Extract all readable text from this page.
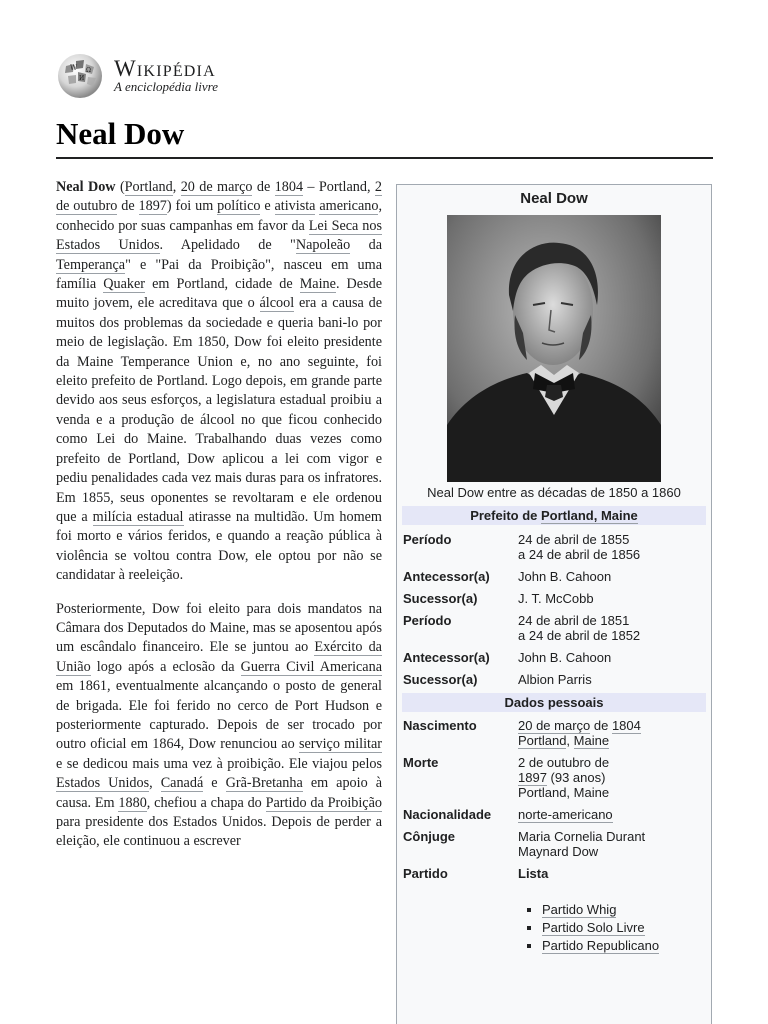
W Ω
И Wikipédia
A enciclopédia livre
Neal Dow

Neal Dow (Portland, 20 de março de 1804 – Portland, 2 de outubro de 1897) foi um político e ativista americano, conhecido por suas campanhas em favor da Lei Seca nos Estados Unidos. Apelidado de "Napoleão da Temperança" e "Pai da Proibição", nasceu em uma família Quaker em Portland, cidade de Maine. Desde muito jovem, ele acreditava que o álcool era a causa de muitos dos problemas da sociedade e queria bani-lo por meio de legislação. Em 1850, Dow foi eleito presidente da Maine Temperance Union e, no ano seguinte, foi eleito prefeito de Portland. Logo depois, em grande parte devido aos seus esforços, a legislatura estadual proibiu a venda e a produção de álcool no que ficou conhecido como Lei do Maine. Trabalhando duas vezes como prefeito de Portland, Dow aplicou a lei com vigor e pediu penalidades cada vez mais duras para os infratores. Em 1855, seus oponentes se revoltaram e ele ordenou que a milícia estadual atirasse na multidão. Um homem foi morto e vários feridos, e quando a reação pública à violência se voltou contra Dow, ele optou por não se candidatar à reeleição.

Posteriormente, Dow foi eleito para dois mandatos na Câmara dos Deputados do Maine, mas se aposentou após um escândalo financeiro. Ele se juntou ao Exército da União logo após a eclosão da Guerra Civil Americana em 1861, eventualmente alcançando o posto de general de brigada. Ele foi ferido no cerco de Port Hudson e posteriormente capturado. Depois de ser trocado por outro oficial em 1864, Dow renunciou ao serviço militar e se dedicou mais uma vez à proibição. Ele viajou pelos Estados Unidos, Canadá e Grã-Bretanha em apoio à causa. Em 1880, chefiou a chapa do Partido da Proibição para presidente dos Estados Unidos. Depois de perder a eleição, ele continuou a escrever

Neal Dow
Neal Dow entre as décadas de 1850 a 1860
Prefeito de Portland, Maine
Período	24 de abril de 1855
a 24 de abril de 1856
Antecessor(a)	John B. Cahoon
Sucessor(a)	J. T. McCobb
Período	24 de abril de 1851
a 24 de abril de 1852
Antecessor(a)	John B. Cahoon
Sucessor(a)	Albion Parris
Dados pessoais
Nascimento	20 de março de 1804
Portland, Maine
Morte	2 de outubro de
1897 (93 anos)
Portland, Maine
Nacionalidade	norte-americano
Cônjuge	Maria Cornelia Durant
Maynard Dow
Partido	Lista
▪ Partido Whig
▪ Partido Solo Livre
▪ Partido Republicano
